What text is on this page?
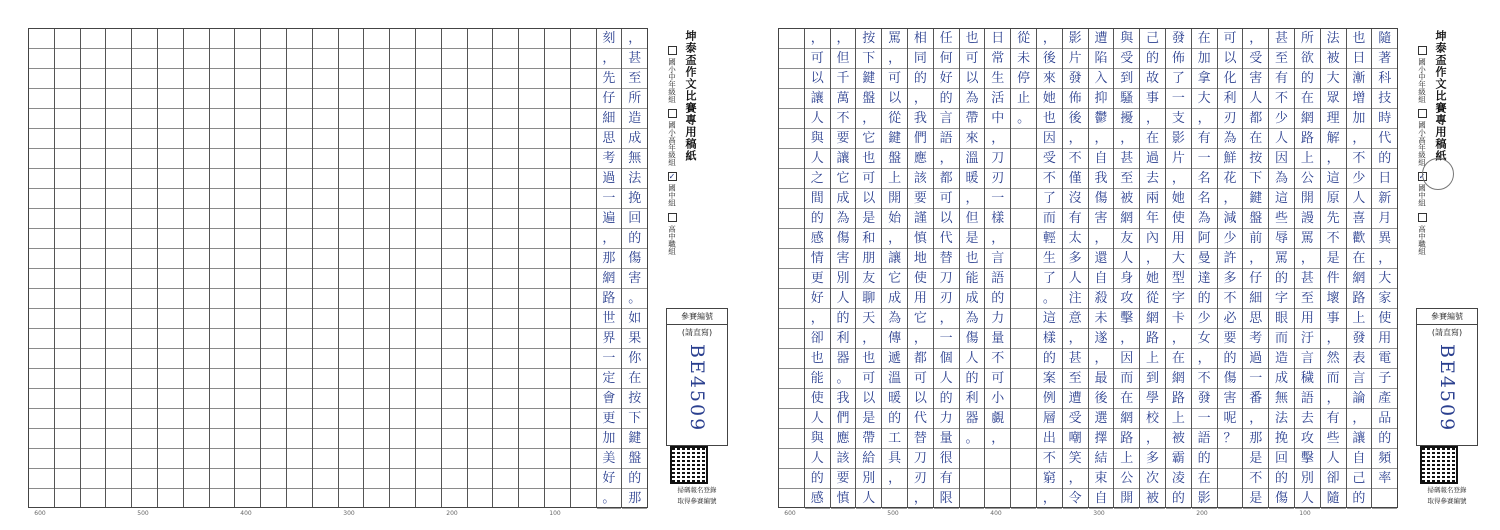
刻
，
先
仔
細
思
考
過
一
遍
，
那
網
路
世
界
一
定
會
更
加
美
好
。
，
甚
至
所
造
成
無
法
挽
回
的
傷
害
。
如
果
你
在
按
下
鍵
盤
的
那
600	500	400	300	200	100
坤泰盃作文比賽專用稿紙
國小中年級組
國小高年級組
✓
國中組
高中職組
參賽編號
(請直寫)
BE4509
掃碼報名登錄
取得參賽編號
，
可
以
讓
人
與
人
之
間
的
感
情
更
好
，
卻
也
能
使
人
與
人
的
感
，
但
千
萬
不
要
讓
它
成
為
傷
害
別
人
的
利
器
。
我
們
應
該
要
慎
按
下
鍵
盤
，
它
也
可
以
是
和
朋
友
聊
天
，
也
可
以
是
帶
給
別
人
罵
，
可
以
從
鍵
盤
上
開
始
，
讓
它
成
為
傳
遞
溫
暖
的
工
具
，
相
同
的
，
我
們
應
該
要
謹
慎
地
使
用
它
，
都
可
以
代
替
刀
刃
，
任
何
好
的
言
語
，
都
可
以
代
替
刀
刃
，
一
個
人
的
力
量
很
有
限
也
可
以
為
帶
來
溫
暖
，
但
是
也
能
成
為
傷
人
的
利
器
。
日
常
生
活
中
，
刀
刃
一
樣
，
言
語
的
力
量
不
可
小
覷
，
從
未
停
止
。
，
後
來
她
也
因
受
不
了
而
輕
生
了
。
這
樣
的
案
例
層
出
不
窮
，
影
片
發
佈
後
，
不
僅
沒
有
太
多
人
注
意
，
甚
至
遭
受
嘲
笑
，
令
遭
陷
入
抑
鬱
，
自
我
傷
害
，
還
自
殺
未
遂
，
最
後
選
擇
結
束
自
與
受
到
騷
擾
，
甚
至
被
網
友
人
身
攻
擊
，
因
而
在
網
路
上
公
開
己
的
故
事
，
在
過
去
兩
年
內
，
她
從
網
路
上
到
學
校
，
多
次
被
發
佈
了
一
支
影
片
，
她
使
用
大
型
字
卡
，
在
網
路
上
被
霸
凌
的
在
加
拿
大
，
有
一
名
名
為
阿
曼
達
的
少
女
，
不
發
一
語
的
在
影
可
以
化
利
刃
為
鮮
花
，
減
少
許
多
不
必
要
的
傷
害
呢
？
，
受
害
人
都
在
按
下
鍵
盤
前
，
仔
細
思
考
過
一
番
，
那
是
不
是
甚
至
有
不
少
人
因
為
這
些
辱
罵
的
字
眼
而
造
成
無
法
挽
回
的
傷
所
欲
的
在
網
路
上
公
開
謾
罵
，
甚
至
用
汙
言
穢
語
去
攻
擊
別
人
法
被
大
眾
理
解
，
這
原
先
不
是
件
壞
事
，
然
而
，
有
些
人
卻
隨
也
日
漸
增
加
，
不
少
人
喜
歡
在
網
路
上
發
表
言
論
，
讓
自
己
的
隨
著
科
技
時
代
的
日
新
月
異
，
大
家
使
用
電
子
產
品
的
頻
率
600	500	400	300	200	100
坤泰盃作文比賽專用稿紙
國小中年級組
國小高年級組
✓
國中組
高中職組
參賽編號
(請直寫)
BE4509
掃碼報名登錄
取得參賽編號
